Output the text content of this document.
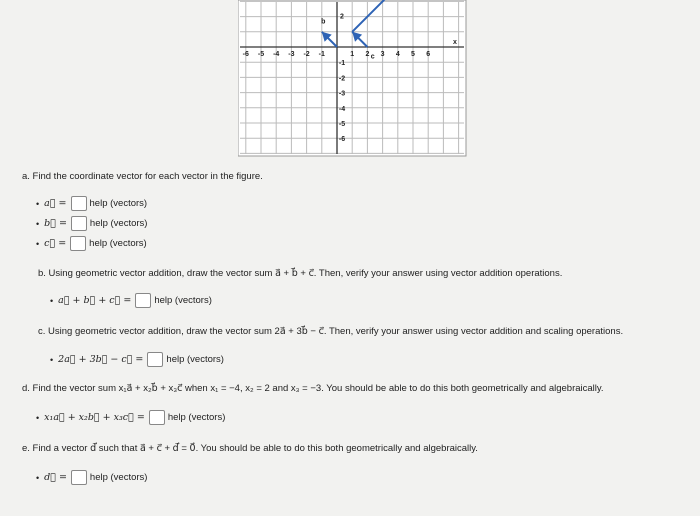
-6 -5 -4 -3 -2 -1	1 2 3 4 5 6
2
-1
-2
-3
-4
-5
-6
x
b
c
a. Find the coordinate vector for each vector in the figure.
• a⃗ = help (vectors)
• b⃗ = help (vectors)
• c⃗ = help (vectors)
b. Using geometric vector addition, draw the vector sum a⃗ + b⃗ + c⃗. Then, verify your answer using vector addition operations.
• a⃗ + b⃗ + c⃗ = help (vectors)
c. Using geometric vector addition, draw the vector sum 2a⃗ + 3b⃗ − c⃗. Then, verify your answer using vector addition and scaling operations.
• 2a⃗ + 3b⃗ − c⃗ = help (vectors)
d. Find the vector sum x₁a⃗ + x₂b⃗ + x₃c⃗ when x₁ = −4, x₂ = 2 and x₃ = −3. You should be able to do this both geometrically and algebraically.
• x₁a⃗ + x₂b⃗ + x₃c⃗ = help (vectors)
e. Find a vector d⃗ such that a⃗ + c⃗ + d⃗ = 0⃗. You should be able to do this both geometrically and algebraically.
• d⃗ = help (vectors)
